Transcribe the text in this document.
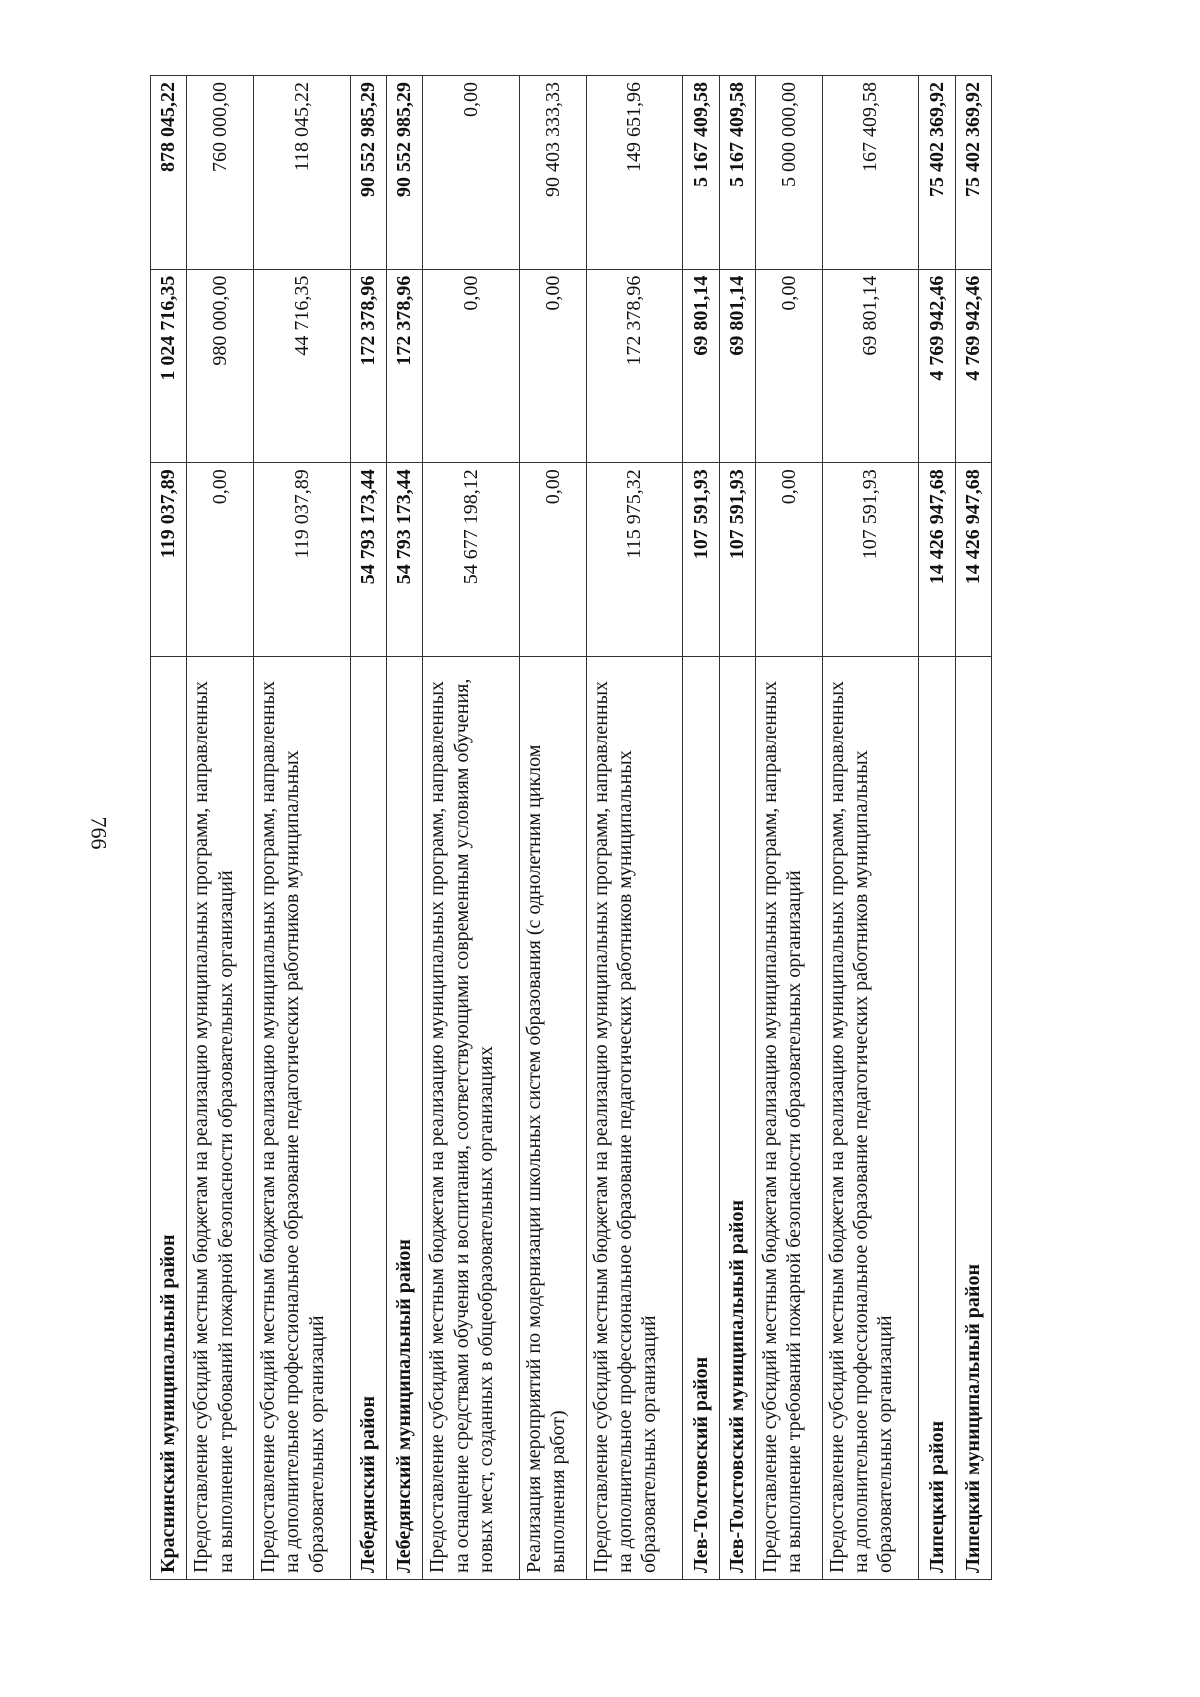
766
Краснинский муниципальный район	119 037,89	1 024 716,35	878 045,22
Предоставление субсидий местным бюджетам на реализацию муниципальных программ, направленных на выполнение требований пожарной безопасности образовательных организаций	0,00	980 000,00	760 000,00
Предоставление субсидий местным бюджетам на реализацию муниципальных программ, направленных на дополнительное профессиональное образование педагогических работников муниципальных образовательных организаций	119 037,89	44 716,35	118 045,22
Лебедянский район	54 793 173,44	172 378,96	90 552 985,29
Лебедянский муниципальный район	54 793 173,44	172 378,96	90 552 985,29
Предоставление субсидий местным бюджетам на реализацию муниципальных программ, направленных на оснащение средствами обучения и воспитания, соответствующими современным условиям обучения, новых мест, созданных в общеобразовательных организациях	54 677 198,12	0,00	0,00
Реализация мероприятий по модернизации школьных систем образования (с однолетним циклом выполнения работ)	0,00	0,00	90 403 333,33
Предоставление субсидий местным бюджетам на реализацию муниципальных программ, направленных на дополнительное профессиональное образование педагогических работников муниципальных образовательных организаций	115 975,32	172 378,96	149 651,96
Лев-Толстовский район	107 591,93	69 801,14	5 167 409,58
Лев-Толстовский муниципальный район	107 591,93	69 801,14	5 167 409,58
Предоставление субсидий местным бюджетам на реализацию муниципальных программ, направленных на выполнение требований пожарной безопасности образовательных организаций	0,00	0,00	5 000 000,00
Предоставление субсидий местным бюджетам на реализацию муниципальных программ, направленных на дополнительное профессиональное образование педагогических работников муниципальных образовательных организаций	107 591,93	69 801,14	167 409,58
Липецкий район	14 426 947,68	4 769 942,46	75 402 369,92
Липецкий муниципальный район	14 426 947,68	4 769 942,46	75 402 369,92
